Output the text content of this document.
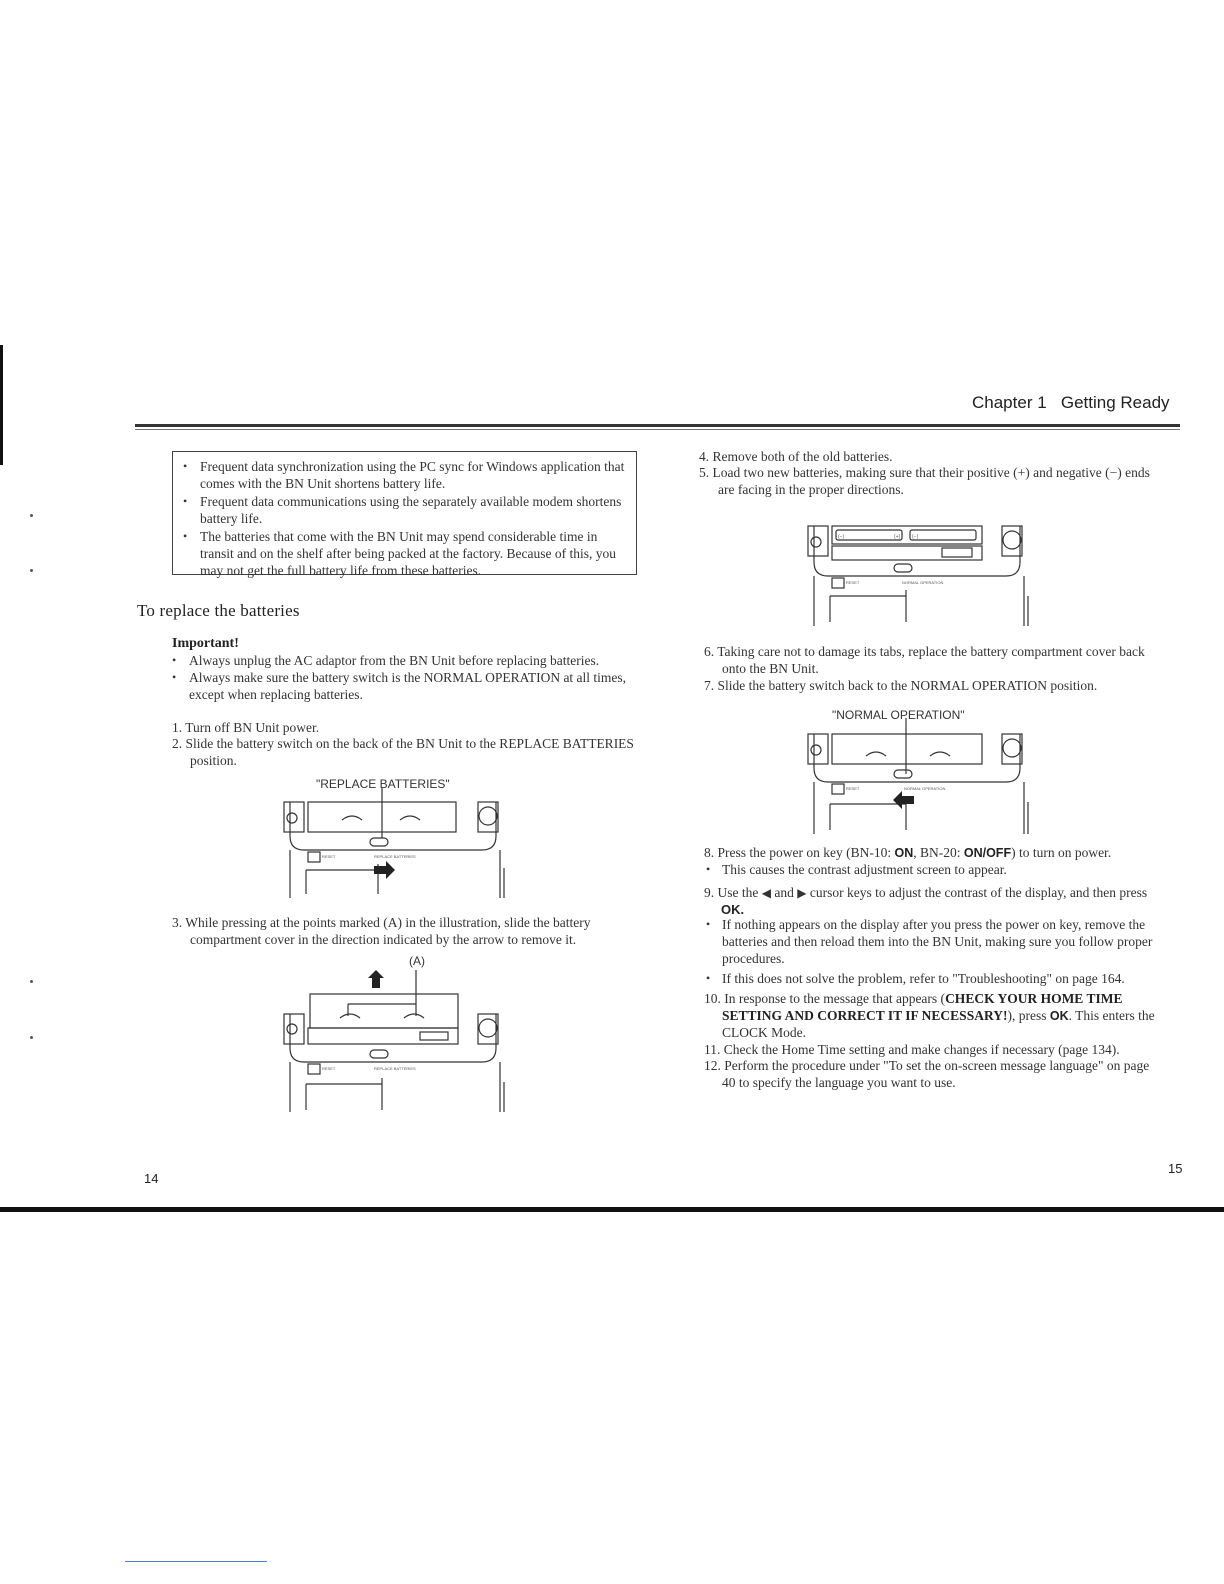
Chapter 1 Getting Ready
• Frequent data synchronization using the PC sync for Windows application that comes with the BN Unit shortens battery life.
• Frequent data communications using the separately available modem shortens battery life.
• The batteries that come with the BN Unit may spend considerable time in transit and on the shelf after being packed at the factory. Because of this, you may not get the full battery life from these batteries.
To replace the batteries
Important!
• Always unplug the AC adaptor from the BN Unit before replacing batteries.
• Always make sure the battery switch is the NORMAL OPERATION at all times, except when replacing batteries.
1. Turn off BN Unit power.
2. Slide the battery switch on the back of the BN Unit to the REPLACE BATTERIES
position.
"REPLACE BATTERIES"
RESET	REPLACE BATTERIES
3. While pressing at the points marked (A) in the illustration, slide the battery
compartment cover in the direction indicated by the arrow to remove it.
(A)
RESET	REPLACE BATTERIES
4. Remove both of the old batteries.
5. Load two new batteries, making sure that their positive (+) and negative (−) ends
are facing in the proper directions.
(−)	(+) (−)
RESET	NORMAL OPERATION
6. Taking care not to damage its tabs, replace the battery compartment cover back
onto the BN Unit.
7. Slide the battery switch back to the NORMAL OPERATION position.
"NORMAL OPERATION"
RESET	NORMAL OPERATION
8. Press the power on key (BN-10: ON, BN-20: ON/OFF) to turn on power.
• This causes the contrast adjustment screen to appear.
9. Use the ◀ and ▶ cursor keys to adjust the contrast of the display, and then press
OK.
• If nothing appears on the display after you press the power on key, remove the
batteries and then reload them into the BN Unit, making sure you follow proper
procedures.
• If this does not solve the problem, refer to "Troubleshooting" on page 164.
10. In response to the message that appears (CHECK YOUR HOME TIME
SETTING AND CORRECT IT IF NECESSARY!), press OK. This enters the
CLOCK Mode.
11. Check the Home Time setting and make changes if necessary (page 134).
12. Perform the procedure under "To set the on-screen message language" on page
40 to specify the language you want to use.
14
15
